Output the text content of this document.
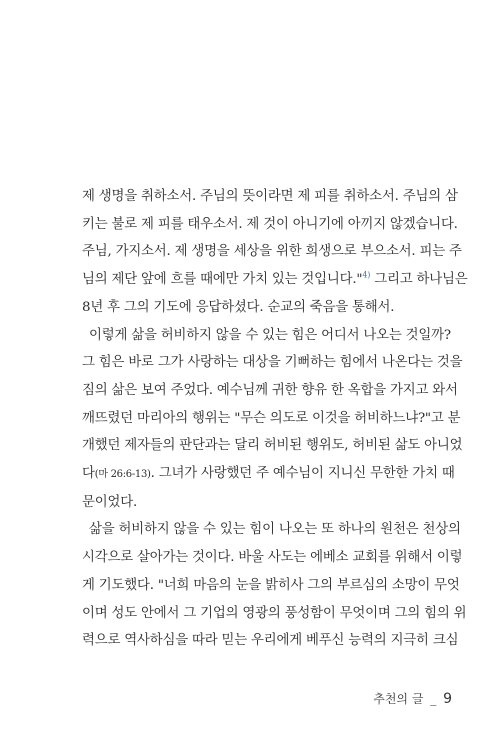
제 생명을 취하소서. 주님의 뜻이라면 제 피를 취하소서. 주님의 삼
키는 불로 제 피를 태우소서. 제 것이 아니기에 아끼지 않겠습니다.
주님, 가지소서. 제 생명을 세상을 위한 희생으로 부으소서. 피는 주
님의 제단 앞에 흐를 때에만 가치 있는 것입니다."$^{4)}$ 그리고 하나님은
8년 후 그의 기도에 응답하셨다. 순교의 죽음을 통해서.
이렇게 삶을 허비하지 않을 수 있는 힘은 어디서 나오는 것일까?
그 힘은 바로 그가 사랑하는 대상을 기뻐하는 힘에서 나온다는 것을
짐의 삶은 보여 주었다. 예수님께 귀한 향유 한 옥합을 가지고 와서
깨뜨렸던 마리아의 행위는 "무슨 의도로 이것을 허비하느냐?"고 분
개했던 제자들의 판단과는 달리 허비된 행위도, 허비된 삶도 아니었
다(마 26:6-13). 그녀가 사랑했던 주 예수님이 지니신 무한한 가치 때
문이었다.
삶을 허비하지 않을 수 있는 힘이 나오는 또 하나의 원천은 천상의
시각으로 살아가는 것이다. 바울 사도는 에베소 교회를 위해서 이렇
게 기도했다. "너희 마음의 눈을 밝히사 그의 부르심의 소망이 무엇
이며 성도 안에서 그 기업의 영광의 풍성함이 무엇이며 그의 힘의 위
력으로 역사하심을 따라 믿는 우리에게 베푸신 능력의 지극히 크심
추천의 글 _ 9
